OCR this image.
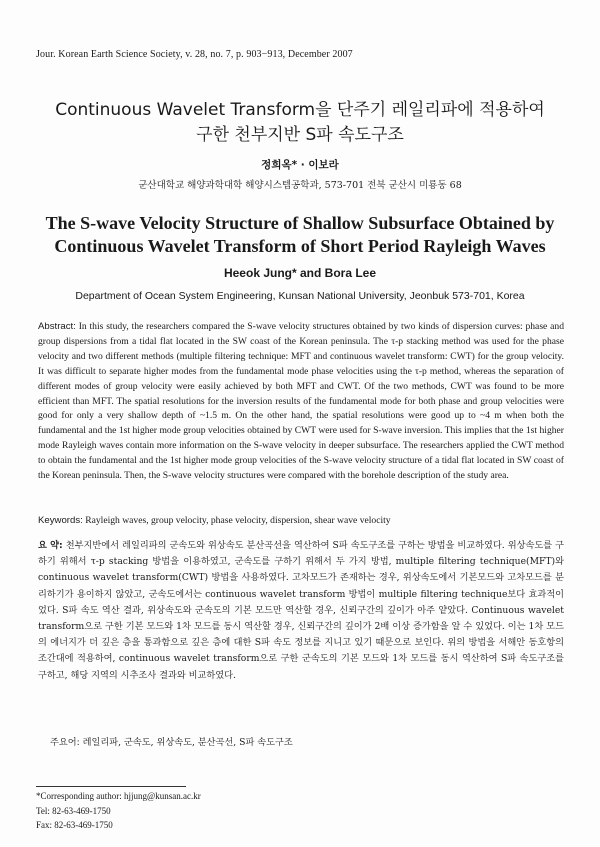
Jour. Korean Earth Science Society, v. 28, no. 7, p. 903−913, December 2007
Continuous Wavelet Transform을 단주기 레일리파에 적용하여
구한 천부지반 S파 속도구조
정희옥* · 이보라
군산대학교 해양과학대학 해양시스템공학과, 573-701 전북 군산시 미룡동 68
The S-wave Velocity Structure of Shallow Subsurface Obtained by
Continuous Wavelet Transform of Short Period Rayleigh Waves
Heeok Jung* and Bora Lee
Department of Ocean System Engineering, Kunsan National University, Jeonbuk 573-701, Korea
Abstract: In this study, the researchers compared the S-wave velocity structures obtained by two kinds of dispersion curves: phase and group dispersions from a tidal flat located in the SW coast of the Korean peninsula. The τ-p stacking method was used for the phase velocity and two different methods (multiple filtering technique: MFT and continuous wavelet transform: CWT) for the group velocity. It was difficult to separate higher modes from the fundamental mode phase velocities using the τ-p method, whereas the separation of different modes of group velocity were easily achieved by both MFT and CWT. Of the two methods, CWT was found to be more efficient than MFT. The spatial resolutions for the inversion results of the fundamental mode for both phase and group velocities were good for only a very shallow depth of ~1.5 m. On the other hand, the spatial resolutions were good up to ~4 m when both the fundamental and the 1st higher mode group velocities obtained by CWT were used for S-wave inversion. This implies that the 1st higher mode Rayleigh waves contain more information on the S-wave velocity in deeper subsurface. The researchers applied the CWT method to obtain the fundamental and the 1st higher mode group velocities of the S-wave velocity structure of a tidal flat located in SW coast of the Korean peninsula. Then, the S-wave velocity structures were compared with the borehole description of the study area.
Keywords: Rayleigh waves, group velocity, phase velocity, dispersion, shear wave velocity
요 약: 천부지반에서 레일리파의 군속도와 위상속도 분산곡선을 역산하여 S파 속도구조를 구하는 방법을 비교하였다. 위상속도를 구하기 위해서 τ-p stacking 방법을 이용하였고, 군속도를 구하기 위해서 두 가지 방법, multiple filtering technique(MFT)와 continuous wavelet transform(CWT) 방법을 사용하였다. 고차모드가 존재하는 경우, 위상속도에서 기본모드와 고차모드를 분리하기가 용이하지 않았고, 군속도에서는 continuous wavelet transform 방법이 multiple filtering technique보다 효과적이었다. S파 속도 역산 결과, 위상속도와 군속도의 기본 모드만 역산할 경우, 신뢰구간의 깊이가 아주 얕았다. Continuous wavelet transform으로 구한 기본 모드와 1차 모드를 동시 역산할 경우, 신뢰구간의 깊이가 2배 이상 증가함을 알 수 있었다. 이는 1차 모드의 에너지가 더 깊은 층을 통과함으로 깊은 층에 대한 S파 속도 정보를 지니고 있기 때문으로 보인다. 위의 방법을 서해안 동호항의 조간대에 적용하여, continuous wavelet transform으로 구한 군속도의 기본 모드와 1차 모드를 동시 역산하여 S파 속도구조를 구하고, 해당 지역의 시추조사 결과와 비교하였다.
주요어: 레일리파, 군속도, 위상속도, 분산곡선, S파 속도구조
*Corresponding author: hjjung@kunsan.ac.kr
Tel: 82-63-469-1750
Fax: 82-63-469-1750
